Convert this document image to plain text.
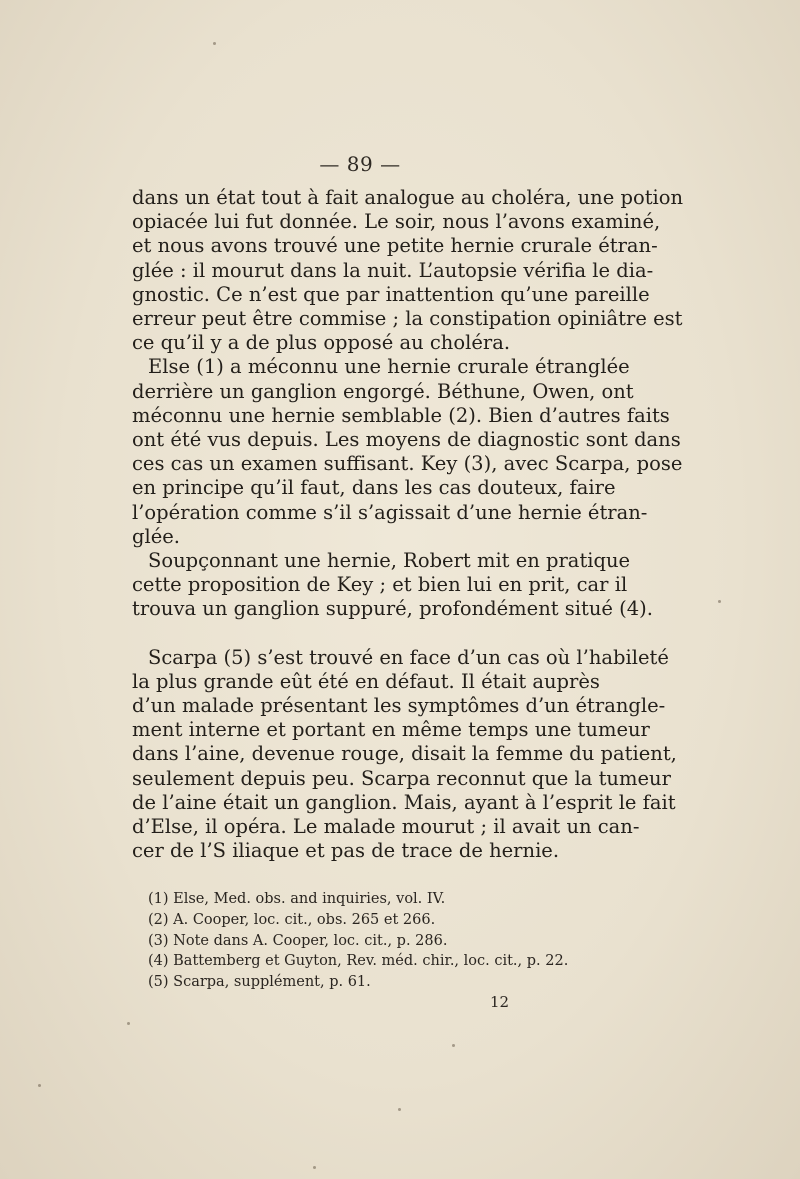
— 89 —
dans un état tout à fait analogue au choléra, une potion
opiacée lui fut donnée. Le soir, nous l’avons examiné,
et nous avons trouvé une petite hernie crurale étran-
glée : il mourut dans la nuit. L’autopsie vérifia le dia-
gnostic. Ce n’est que par inattention qu’une pareille
erreur peut être commise ; la constipation opiniâtre est
ce qu’il y a de plus opposé au choléra.
Else (1) a méconnu une hernie crurale étranglée
derrière un ganglion engorgé. Béthune, Owen, ont
méconnu une hernie semblable (2). Bien d’autres faits
ont été vus depuis. Les moyens de diagnostic sont dans
ces cas un examen suffisant. Key (3), avec Scarpa, pose
en principe qu’il faut, dans les cas douteux, faire
l’opération comme s’il s’agissait d’une hernie étran-
glée.
Soupçonnant une hernie, Robert mit en pratique
cette proposition de Key ; et bien lui en prit, car il
trouva un ganglion suppuré, profondément situé (4).
Scarpa (5) s’est trouvé en face d’un cas où l’habileté
la plus grande eût été en défaut. Il était auprès
d’un malade présentant les symptômes d’un étrangle-
ment interne et portant en même temps une tumeur
dans l’aine, devenue rouge, disait la femme du patient,
seulement depuis peu. Scarpa reconnut que la tumeur
de l’aine était un ganglion. Mais, ayant à l’esprit le fait
d’Else, il opéra. Le malade mourut ; il avait un can-
cer de l’S iliaque et pas de trace de hernie.
(1) Else, Med. obs. and inquiries, vol. IV.
(2) A. Cooper, loc. cit., obs. 265 et 266.
(3) Note dans A. Cooper, loc. cit., p. 286.
(4) Battemberg et Guyton, Rev. méd. chir., loc. cit., p. 22.
(5) Scarpa, supplément, p. 61.
12
